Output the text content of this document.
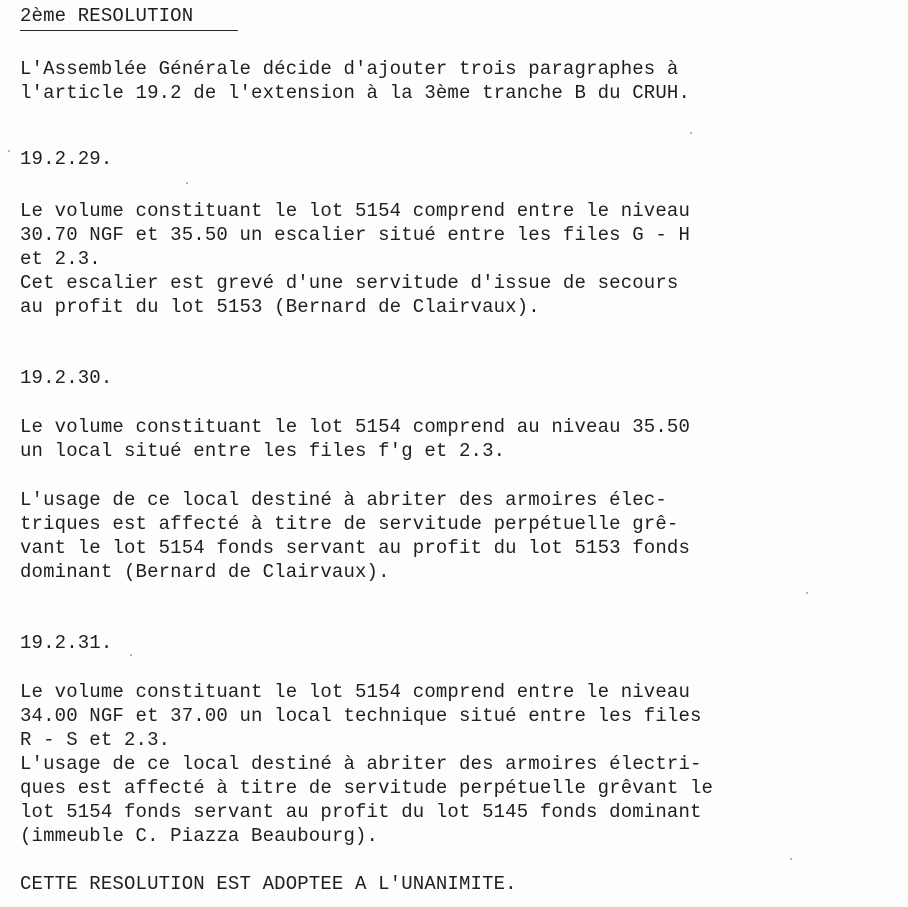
2ème RESOLUTION
L'Assemblée Générale décide d'ajouter trois paragraphes à
l'article 19.2 de l'extension à la 3ème tranche B du CRUH.
19.2.29.
Le volume constituant le lot 5154 comprend entre le niveau
30.70 NGF et 35.50 un escalier situé entre les files G - H
et 2.3.
Cet escalier est grevé d'une servitude d'issue de secours
au profit du lot 5153 (Bernard de Clairvaux).
19.2.30.
Le volume constituant le lot 5154 comprend au niveau 35.50
un local situé entre les files f'g et 2.3.
L'usage de ce local destiné à abriter des armoires élec-
triques est affecté à titre de servitude perpétuelle grê-
vant le lot 5154 fonds servant au profit du lot 5153 fonds
dominant (Bernard de Clairvaux).
19.2.31.
Le volume constituant le lot 5154 comprend entre le niveau
34.00 NGF et 37.00 un local technique situé entre les files
R - S et 2.3.
L'usage de ce local destiné à abriter des armoires électri-
ques est affecté à titre de servitude perpétuelle grêvant le
lot 5154 fonds servant au profit du lot 5145 fonds dominant
(immeuble C. Piazza Beaubourg).
CETTE RESOLUTION EST ADOPTEE A L'UNANIMITE.
